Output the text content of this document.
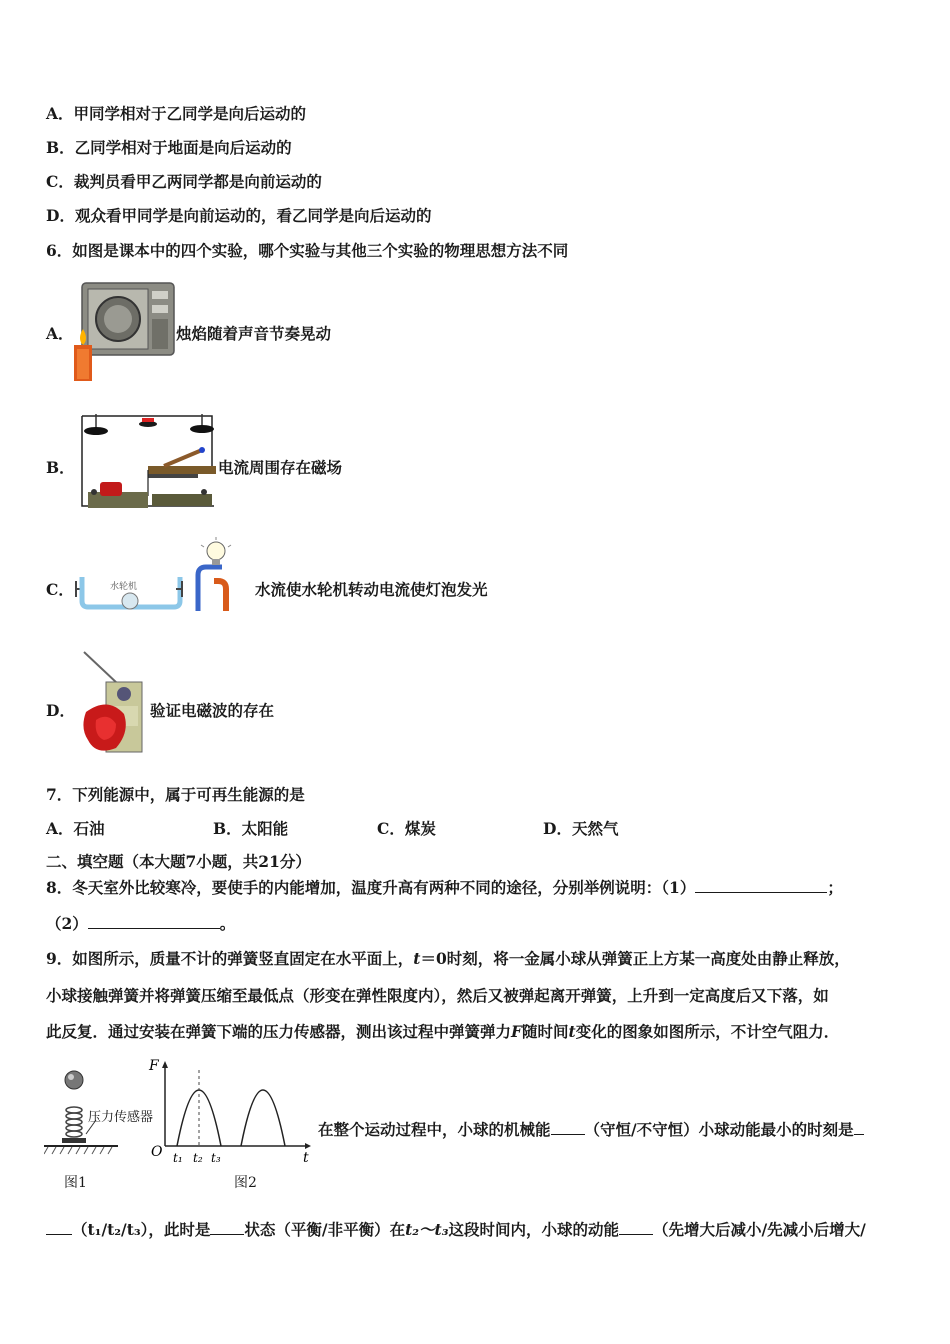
A．甲同学相对于乙同学是向后运动的
B．乙同学相对于地面是向后运动的
C．裁判员看甲乙两同学都是向前运动的
D．观众看甲同学是向前运动的，看乙同学是向后运动的
6．如图是课本中的四个实验，哪个实验与其他三个实验的物理思想方法不同
A．	烛焰随着声音节奏晃动
B．	电流周围存在磁场
C．	水轮机	水流使水轮机转动电流使灯泡发光
D．	验证电磁波的存在
7．下列能源中，属于可再生能源的是
A．石油	B．太阳能	C．煤炭	D．天然气
二、填空题（本大题7小题，共21分）
8．冬天室外比较寒冷，要使手的内能增加，温度升高有两种不同的途径，分别举例说明：（1）	；
（2）	。
9．如图所示，质量不计的弹簧竖直固定在水平面上，t＝0时刻，将一金属小球从弹簧正上方某一高度处由静止释放，
小球接触弹簧并将弹簧压缩至最低点（形变在弹性限度内），然后又被弹起离开弹簧，上升到一定高度后又下落，如
此反复．通过安装在弹簧下端的压力传感器，测出该过程中弹簧弹力F随时间t变化的图象如图所示，不计空气阻力．
压力传感器
图1
F
O	t
t₁ t₂ t₃
图2
在整个运动过程中，小球的机械能 （守恒/不守恒）小球动能最小的时刻是
（t₁/t₂/t₃），此时是 状态（平衡/非平衡）在t₂～t₃这段时间内，小球的动能 （先增大后减小/先减小后增大/
